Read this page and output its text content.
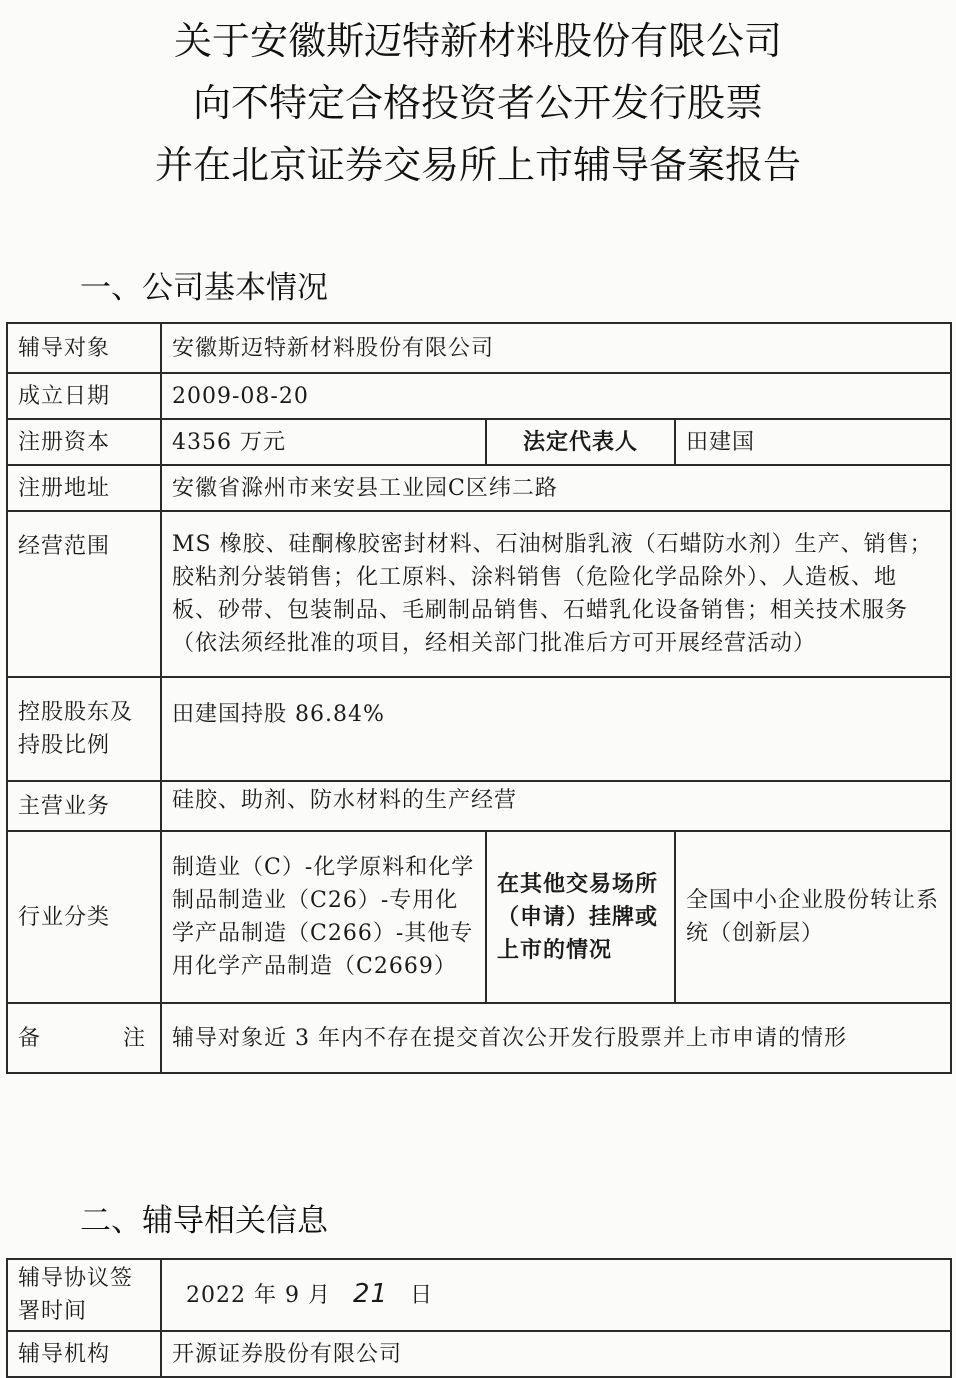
关于安徽斯迈特新材料股份有限公司
向不特定合格投资者公开发行股票
并在北京证券交易所上市辅导备案报告
一、公司基本情况
辅导对象	安徽斯迈特新材料股份有限公司		
成立日期	2009-08-20		
注册资本	4356 万元	法定代表人	田建国
注册地址	安徽省滁州市来安县工业园C区纬二路		
经营范围	MS 橡胶、硅酮橡胶密封材料、石油树脂乳液（石蜡防水剂）生产、销售；胶粘剂分装销售；化工原料、涂料销售（危险化学品除外）、人造板、地板、砂带、包装制品、毛刷制品销售、石蜡乳化设备销售；相关技术服务（依法须经批准的项目，经相关部门批准后方可开展经营活动）		
控股股东及持股比例	田建国持股 86.84%		
主营业务	硅胶、助剂、防水材料的生产经营		
行业分类	制造业（C）-化学原料和化学制品制造业（C26）-专用化学产品制造（C266）-其他专用化学产品制造（C2669）	在其他交易场所（申请）挂牌或上市的情况	全国中小企业股份转让系统（创新层）

备 注	辅导对象近 3 年内不存在提交首次公开发行股票并上市申请的情形		
二、辅导相关信息
辅导协议签署时间	2022 年 9 月 21 日
辅导机构	开源证券股份有限公司
